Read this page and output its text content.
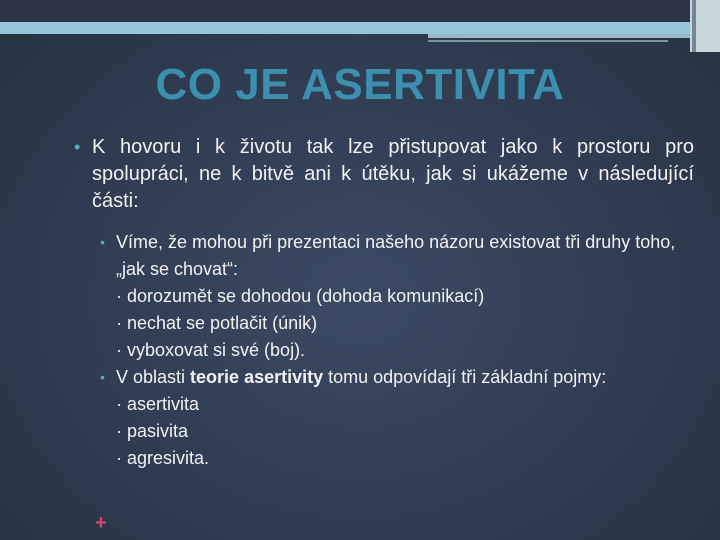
CO JE ASERTIVITA

• K hovoru i k životu tak lze přistupovat jako k prostoru pro spolupráci, ne k bitvě ani k útěku, jak si ukážeme v následující části:

• Víme, že mohou při prezentaci našeho názoru existovat tři druhy toho, „jak se chovat“:
· dorozumět se dohodou (dohoda komunikací)
· nechat se potlačit (únik)
· vyboxovat si své (boj).
• V oblasti teorie asertivity tomu odpovídají tři základní pojmy:
· asertivita
· pasivita
· agresivita.
+
